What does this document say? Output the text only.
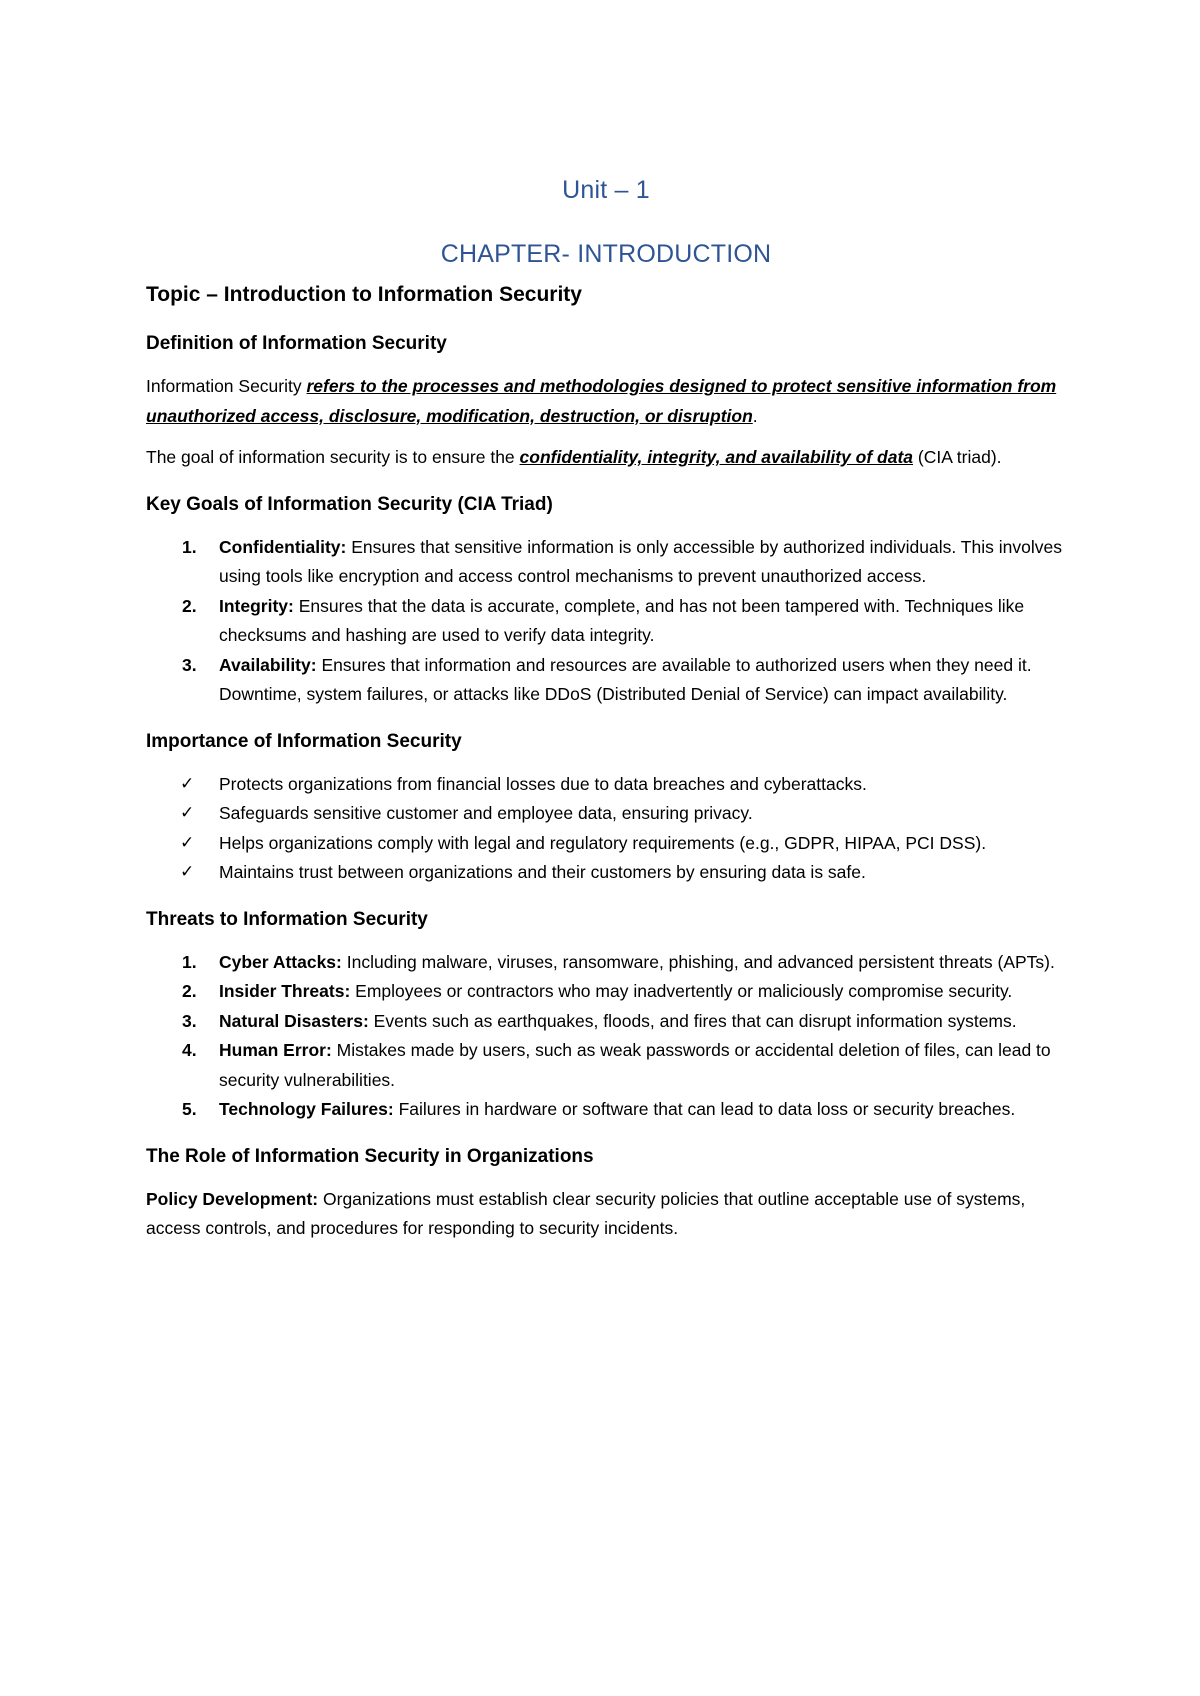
Unit – 1
CHAPTER- INTRODUCTION
Topic – Introduction to Information Security
Definition of Information Security

Information Security refers to the processes and methodologies designed to protect sensitive information from unauthorized access, disclosure, modification, destruction, or disruption.

The goal of information security is to ensure the confidentiality, integrity, and availability of data (CIA triad).

Key Goals of Information Security (CIA Triad)
1. Confidentiality: Ensures that sensitive information is only accessible by authorized individuals. This involves using tools like encryption and access control mechanisms to prevent unauthorized access.
2. Integrity: Ensures that the data is accurate, complete, and has not been tampered with. Techniques like checksums and hashing are used to verify data integrity.
3. Availability: Ensures that information and resources are available to authorized users when they need it. Downtime, system failures, or attacks like DDoS (Distributed Denial of Service) can impact availability.
Importance of Information Security
✓ Protects organizations from financial losses due to data breaches and cyberattacks.
✓ Safeguards sensitive customer and employee data, ensuring privacy.
✓ Helps organizations comply with legal and regulatory requirements (e.g., GDPR, HIPAA, PCI DSS).
✓ Maintains trust between organizations and their customers by ensuring data is safe.
Threats to Information Security
1. Cyber Attacks: Including malware, viruses, ransomware, phishing, and advanced persistent threats (APTs).
2. Insider Threats: Employees or contractors who may inadvertently or maliciously compromise security.
3. Natural Disasters: Events such as earthquakes, floods, and fires that can disrupt information systems.
4. Human Error: Mistakes made by users, such as weak passwords or accidental deletion of files, can lead to security vulnerabilities.
5. Technology Failures: Failures in hardware or software that can lead to data loss or security breaches.
The Role of Information Security in Organizations

Policy Development: Organizations must establish clear security policies that outline acceptable use of systems, access controls, and procedures for responding to security incidents.
